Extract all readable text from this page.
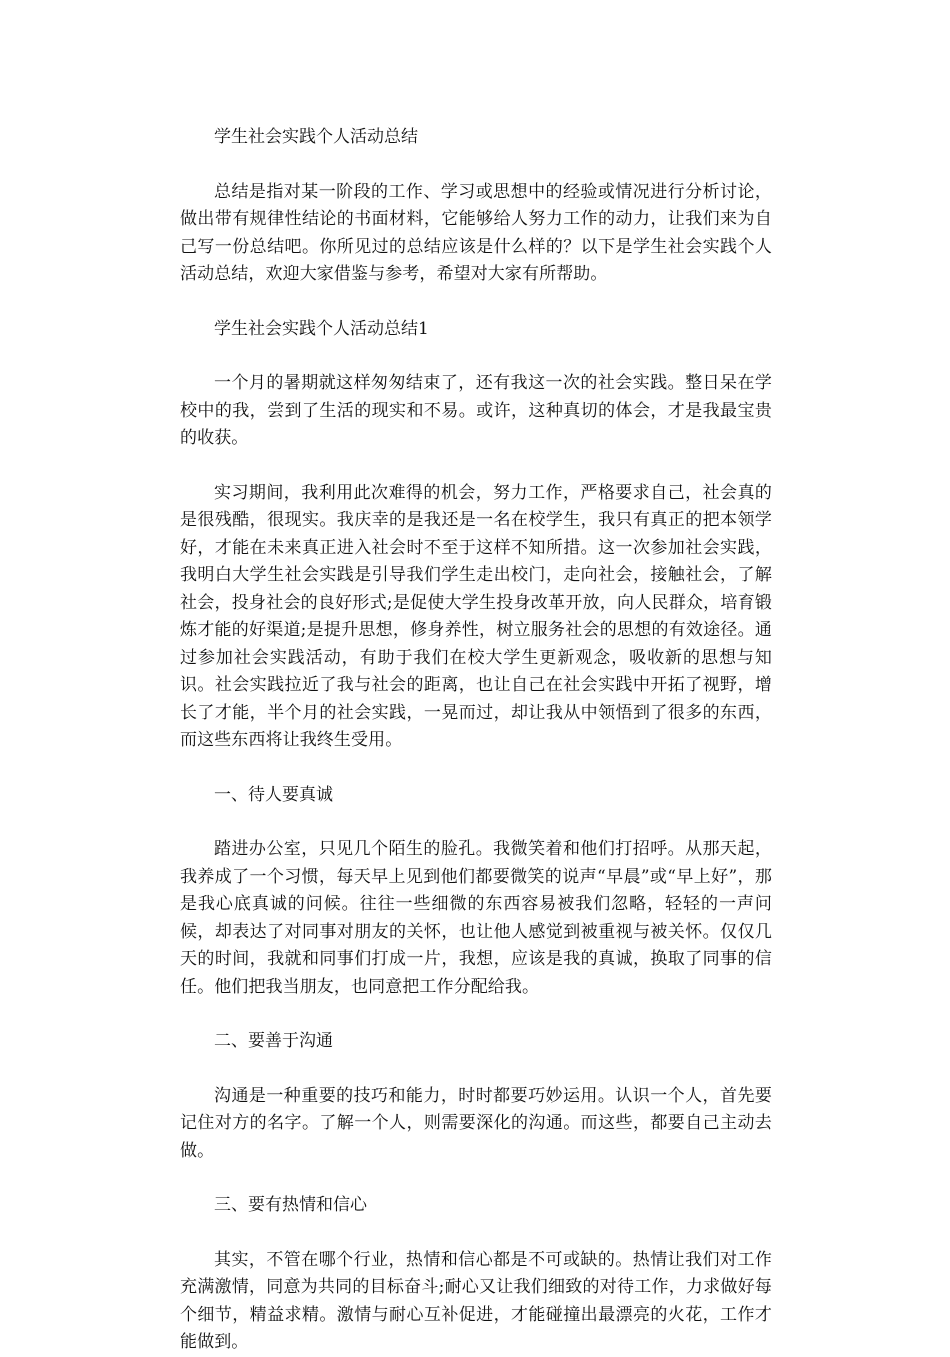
学生社会实践个人活动总结

总结是指对某一阶段的工作、学习或思想中的经验或情况进行分析讨论，做出带有规律性结论的书面材料，它能够给人努力工作的动力，让我们来为自己写一份总结吧。你所见过的总结应该是什么样的？以下是学生社会实践个人活动总结，欢迎大家借鉴与参考，希望对大家有所帮助。

学生社会实践个人活动总结1

一个月的暑期就这样匆匆结束了，还有我这一次的社会实践。整日呆在学校中的我，尝到了生活的现实和不易。或许，这种真切的体会，才是我最宝贵的收获。

实习期间，我利用此次难得的机会，努力工作，严格要求自己，社会真的是很残酷，很现实。我庆幸的是我还是一名在校学生，我只有真正的把本领学好，才能在未来真正进入社会时不至于这样不知所措。这一次参加社会实践，我明白大学生社会实践是引导我们学生走出校门，走向社会，接触社会，了解社会，投身社会的良好形式;是促使大学生投身改革开放，向人民群众，培育锻炼才能的好渠道;是提升思想，修身养性，树立服务社会的思想的有效途径。通过参加社会实践活动，有助于我们在校大学生更新观念，吸收新的思想与知识。社会实践拉近了我与社会的距离，也让自己在社会实践中开拓了视野，增长了才能，半个月的社会实践，一晃而过，却让我从中领悟到了很多的东西，而这些东西将让我终生受用。

一、待人要真诚

踏进办公室，只见几个陌生的脸孔。我微笑着和他们打招呼。从那天起，我养成了一个习惯，每天早上见到他们都要微笑的说声“早晨”或“早上好”，那是我心底真诚的问候。往往一些细微的东西容易被我们忽略，轻轻的一声问候，却表达了对同事对朋友的关怀，也让他人感觉到被重视与被关怀。仅仅几天的时间，我就和同事们打成一片，我想，应该是我的真诚，换取了同事的信任。他们把我当朋友，也同意把工作分配给我。

二、要善于沟通

沟通是一种重要的技巧和能力，时时都要巧妙运用。认识一个人，首先要记住对方的名字。了解一个人，则需要深化的沟通。而这些，都要自己主动去做。

三、要有热情和信心

其实，不管在哪个行业，热情和信心都是不可或缺的。热情让我们对工作充满激情，同意为共同的目标奋斗;耐心又让我们细致的对待工作，力求做好每个细节，精益求精。激情与耐心互补促进，才能碰撞出最漂亮的火花，工作才能做到。
